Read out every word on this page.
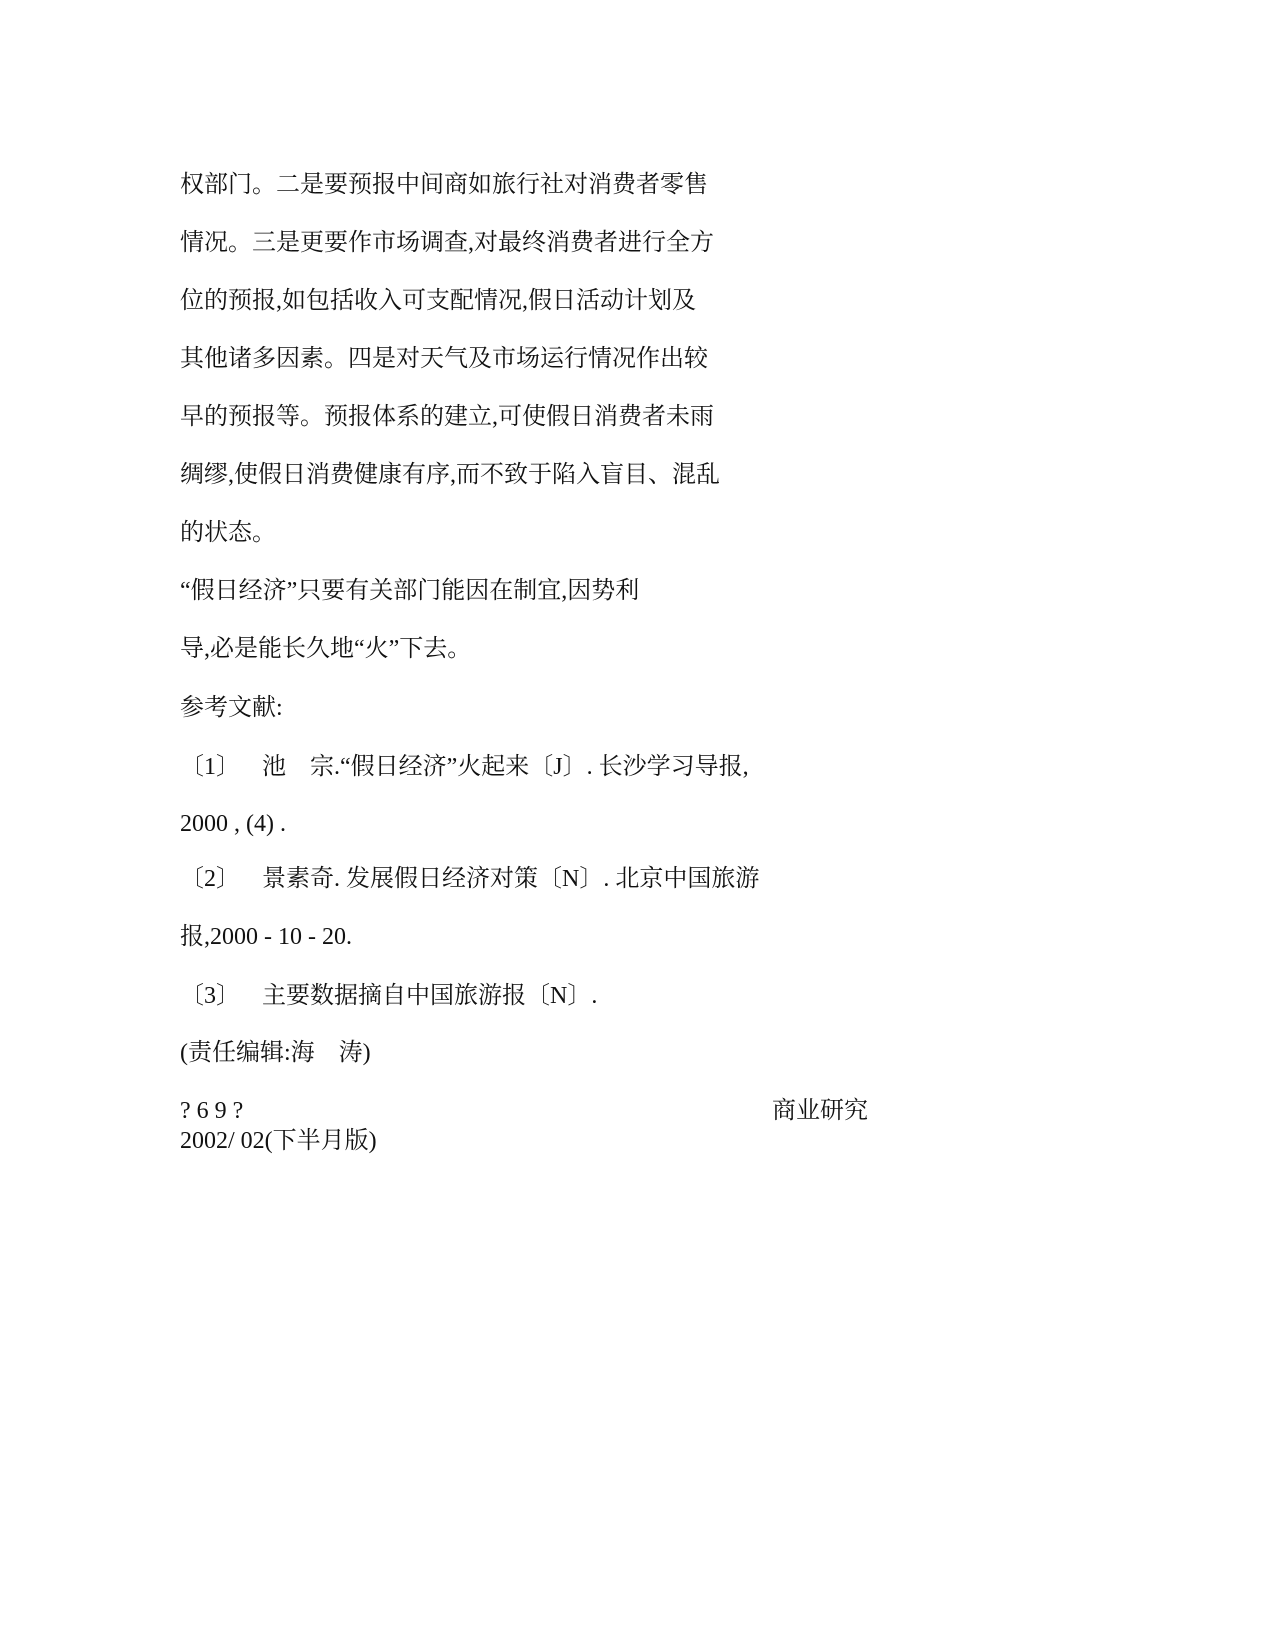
权部门。二是要预报中间商如旅行社对消费者零售
情况。三是更要作市场调查,对最终消费者进行全方
位的预报,如包括收入可支配情况,假日活动计划及
其他诸多因素。四是对天气及市场运行情况作出较
早的预报等。预报体系的建立,可使假日消费者未雨
绸缪,使假日消费健康有序,而不致于陷入盲目、混乱
的状态。
“假日经济”只要有关部门能因在制宜,因势利
导,必是能长久地“火”下去。
参考文献:
〔1〕 池　宗.“假日经济”火起来〔J〕. 长沙学习导报,
2000 , (4) .
〔2〕 景素奇. 发展假日经济对策〔N〕. 北京中国旅游
报,2000 - 10 - 20.
〔3〕 主要数据摘自中国旅游报〔N〕.
(责任编辑:海　涛)
? 6 9 ?	商业研究
2002/ 02(下半月版)
